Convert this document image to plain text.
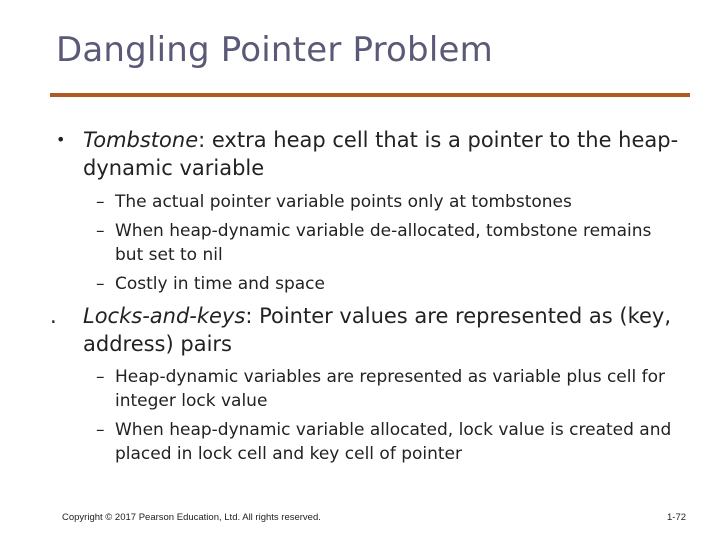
Dangling Pointer Problem
• Tombstone: extra heap cell that is a pointer to the heap-dynamic variable
– The actual pointer variable points only at tombstones
– When heap-dynamic variable de-allocated, tombstone remains but set to nil
– Costly in time and space
. Locks-and-keys: Pointer values are represented as (key, address) pairs
– Heap-dynamic variables are represented as variable plus cell for integer lock value
– When heap-dynamic variable allocated, lock value is created and placed in lock cell and key cell of pointer
Copyright © 2017 Pearson Education, Ltd. All rights reserved.	1-72
